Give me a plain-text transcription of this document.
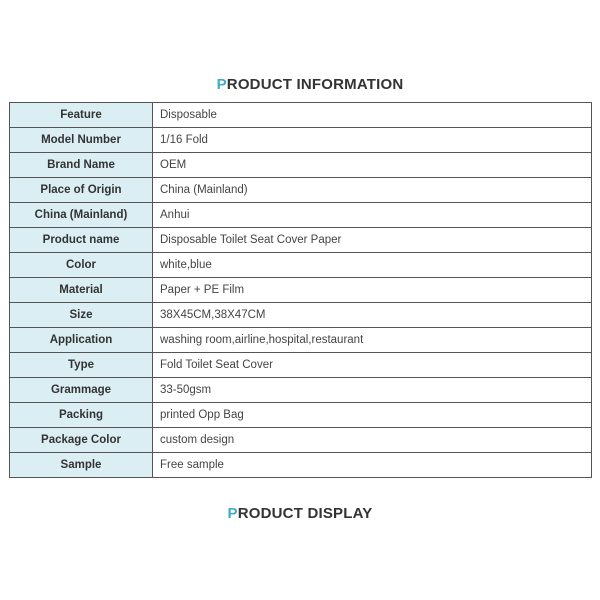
PRODUCT INFORMATION
Feature	Disposable
Model Number	1/16 Fold
Brand Name	OEM
Place of Origin	China (Mainland)
China (Mainland)	Anhui
Product name	Disposable Toilet Seat Cover Paper
Color	white,blue
Material	Paper + PE Film
Size	38X45CM,38X47CM
Application	washing room,airline,hospital,restaurant
Type	Fold Toilet Seat Cover
Grammage	33-50gsm
Packing	printed Opp Bag
Package Color	custom design
Sample	Free sample
PRODUCT DISPLAY
